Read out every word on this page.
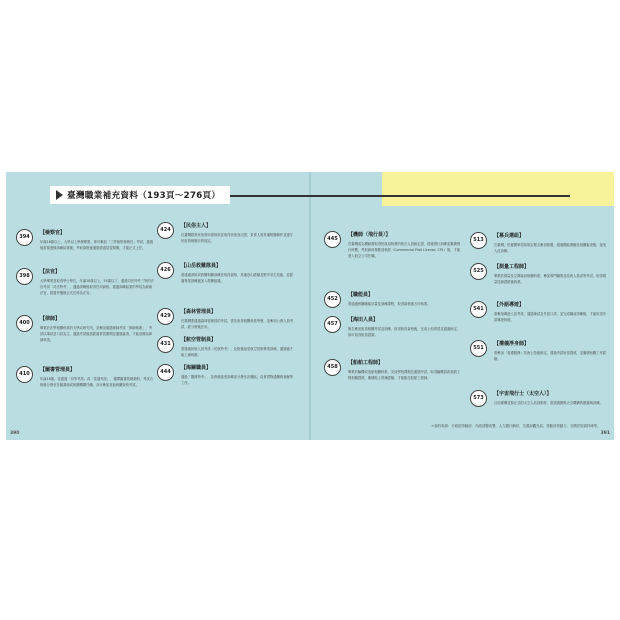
臺灣職業補充資料（193頁～276頁）
394
【檢察官】
年滿18歲以上，大學以上學歷畢業，即可參加「三等檢察事務官」考試，通過後需要進修訓練結業後，考取資格後還需經過見習期間，才能正式上任。
398
【法官】
大學畢業並取得學士學位，年滿18歲以上，55歲以下，通過司法特考三等的法官考試「司法特考」，通過訓練後取得任用資格。通過訓練結業的學員為候補法官，經過考選後正式任命為法官。
400
【律師】
畢業於法學相關科系的大學或研究所，並參加通過律師考試「律師執照」，考試以筆試及口試為主，通過考試後需經過實習期間並通過審查，才能登錄為律師執業。
410
【圖書管理員】
年滿18歲，並通過「初等考試」或「普通考試」，選擇圖書管理類科，考試合格後分發至各圖書館或相關機構任職，亦可參加其他相關資格考試。
424
【民俗主人】
在臺灣經營民宿需申請核准並取得民宿登記證，負責人需具備相關條件並遵守民宿管理辦法的規定。
426
【山岳救難隊員】
需通過消防或救難相關訓練並取得資格，具備登山經驗及野外求生技能，並經過專業訓練後加入救難組織。
429
【森林管理員】
在臺灣要通過森林管理員的考試，需先取得相關科系學歷，並參加公務人員考試，經分發後任用。
431
【航空管制員】
需通過民航人員考試（民航特考），及格後接受航空管制專業訓練，通過後才能上線執勤。
444
【海關職員】
通過「關務特考」，及格後接受訓練並分發至各關區，負責貨物通關與查驗等工作。
445
【機師（飛行員）】
在臺灣成為機師需取得民航局核發的航空人員檢定證，經過飛行訓練並累積飛行時數，考取商用駕駛員執照（Commercial Pilot License, CPL）後，才能進入航空公司任職。
452
【職能員】
需通過相關職能評量及訓練課程，取得資格後方可執業。
457
【海田人員】
報名參加船員相關考試及訓練，取得船員資格後，完成上船實習並通過檢定，即可取得船員證書。
458
【船舶工程師】
畢業於輪機或造船相關科系，完成學校課程並通過考試，取得輪機員或船舶工程相關證照，累積船上實務經驗，才能擔任船舶工程師。
513
【募兵選組】
在臺灣，依據國軍招募規定報名參加甄選，通過體能測驗及相關審查後，接受入伍訓練。
525
【測量工程師】
畢業於測量及空間資訊相關科系，參加專門職業及技術人員高等考試，取得測量技師證照後執業。
541
【外語導遊】
需參加導遊人員考試，通過筆試及外語口試，並完成職前訓練後，才能取得外語導遊執照。
551
【禮儀淨身師】
需參加「喪禮服務」技術士技能檢定，通過考試取得證照，並累積相關工作經驗。
573
【宇宙飛行士（太空人）】
目前臺灣並無正式的太空人培訓制度，需透過國際太空機構的甄選與訓練。
＊資料來源：行政院勞動部、內政部警政署、人力銀行網站、交通部觀光局、勞動部勞動力、全國法規資料庫等。
390	391
